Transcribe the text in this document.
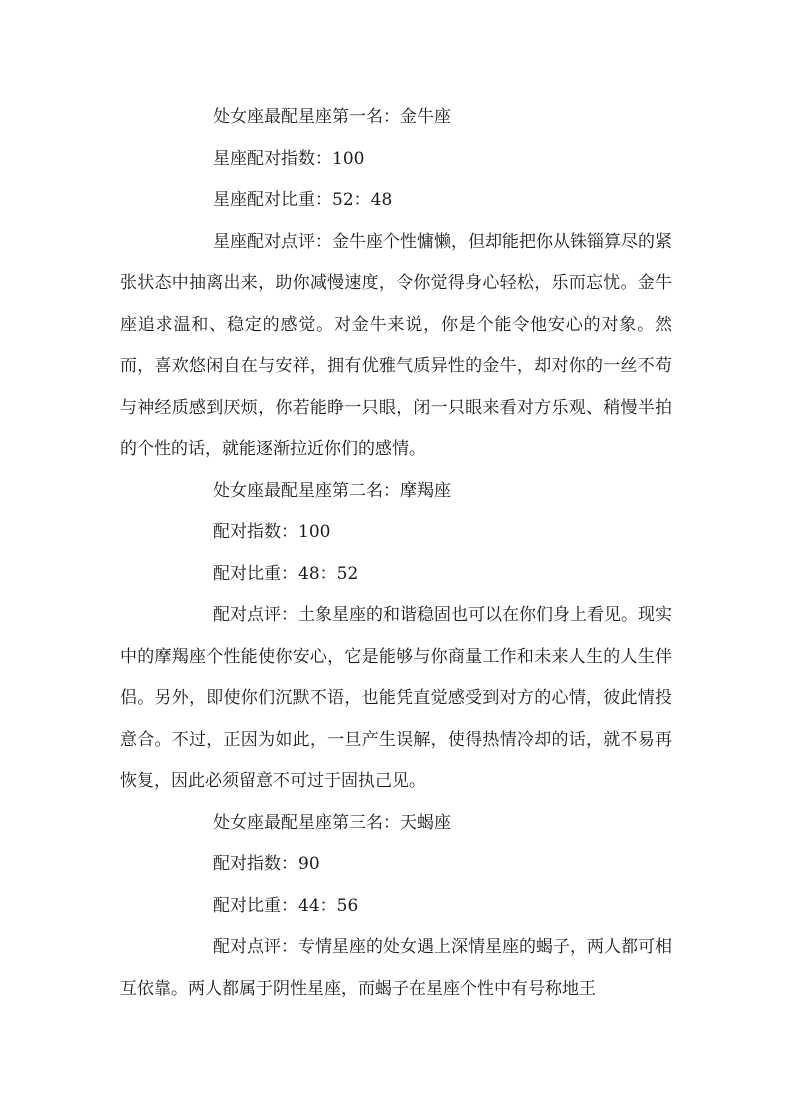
处女座最配星座第一名：金牛座
星座配对指数：100
星座配对比重：52：48

星座配对点评：金牛座个性慵懒，但却能把你从铢锱算尽的紧张状态中抽离出来，助你减慢速度，令你觉得身心轻松，乐而忘忧。金牛座追求温和、稳定的感觉。对金牛来说，你是个能令他安心的对象。然而，喜欢悠闲自在与安祥，拥有优雅气质异性的金牛，却对你的一丝不苟与神经质感到厌烦，你若能睁一只眼，闭一只眼来看对方乐观、稍慢半拍的个性的话，就能逐渐拉近你们的感情。

处女座最配星座第二名：摩羯座
配对指数：100
配对比重：48：52

配对点评：土象星座的和谐稳固也可以在你们身上看见。现实中的摩羯座个性能使你安心，它是能够与你商量工作和未来人生的人生伴侣。另外，即使你们沉默不语，也能凭直觉感受到对方的心情，彼此情投意合。不过，正因为如此，一旦产生误解，使得热情冷却的话，就不易再恢复，因此必须留意不可过于固执己见。

处女座最配星座第三名：天蝎座
配对指数：90
配对比重：44：56

配对点评：专情星座的处女遇上深情星座的蝎子，两人都可相互依靠。两人都属于阴性星座，而蝎子在星座个性中有号称地王
